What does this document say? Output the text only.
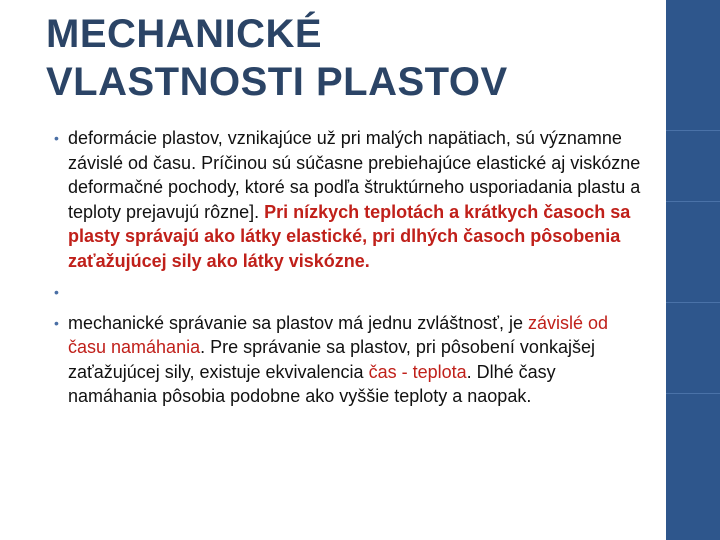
MECHANICKÉ
VLASTNOSTI PLASTOV
• deformácie plastov, vznikajúce už pri malých napätiach, sú významne závislé od času. Príčinou sú súčasne prebiehajúce elastické aj viskózne deformačné pochody, ktoré sa podľa štruktúrneho usporiadania plastu a teploty prejavujú rôzne]. Pri nízkych teplotách a krátkych časoch sa plasty správajú ako látky elastické, pri dlhých časoch pôsobenia zaťažujúcej sily ako látky viskózne.
•
• mechanické správanie sa plastov má jednu zvláštnosť, je závislé od času namáhania. Pre správanie sa plastov, pri pôsobení vonkajšej zaťažujúcej sily, existuje ekvivalencia čas - teplota. Dlhé časy namáhania pôsobia podobne ako vyššie teploty a naopak.
